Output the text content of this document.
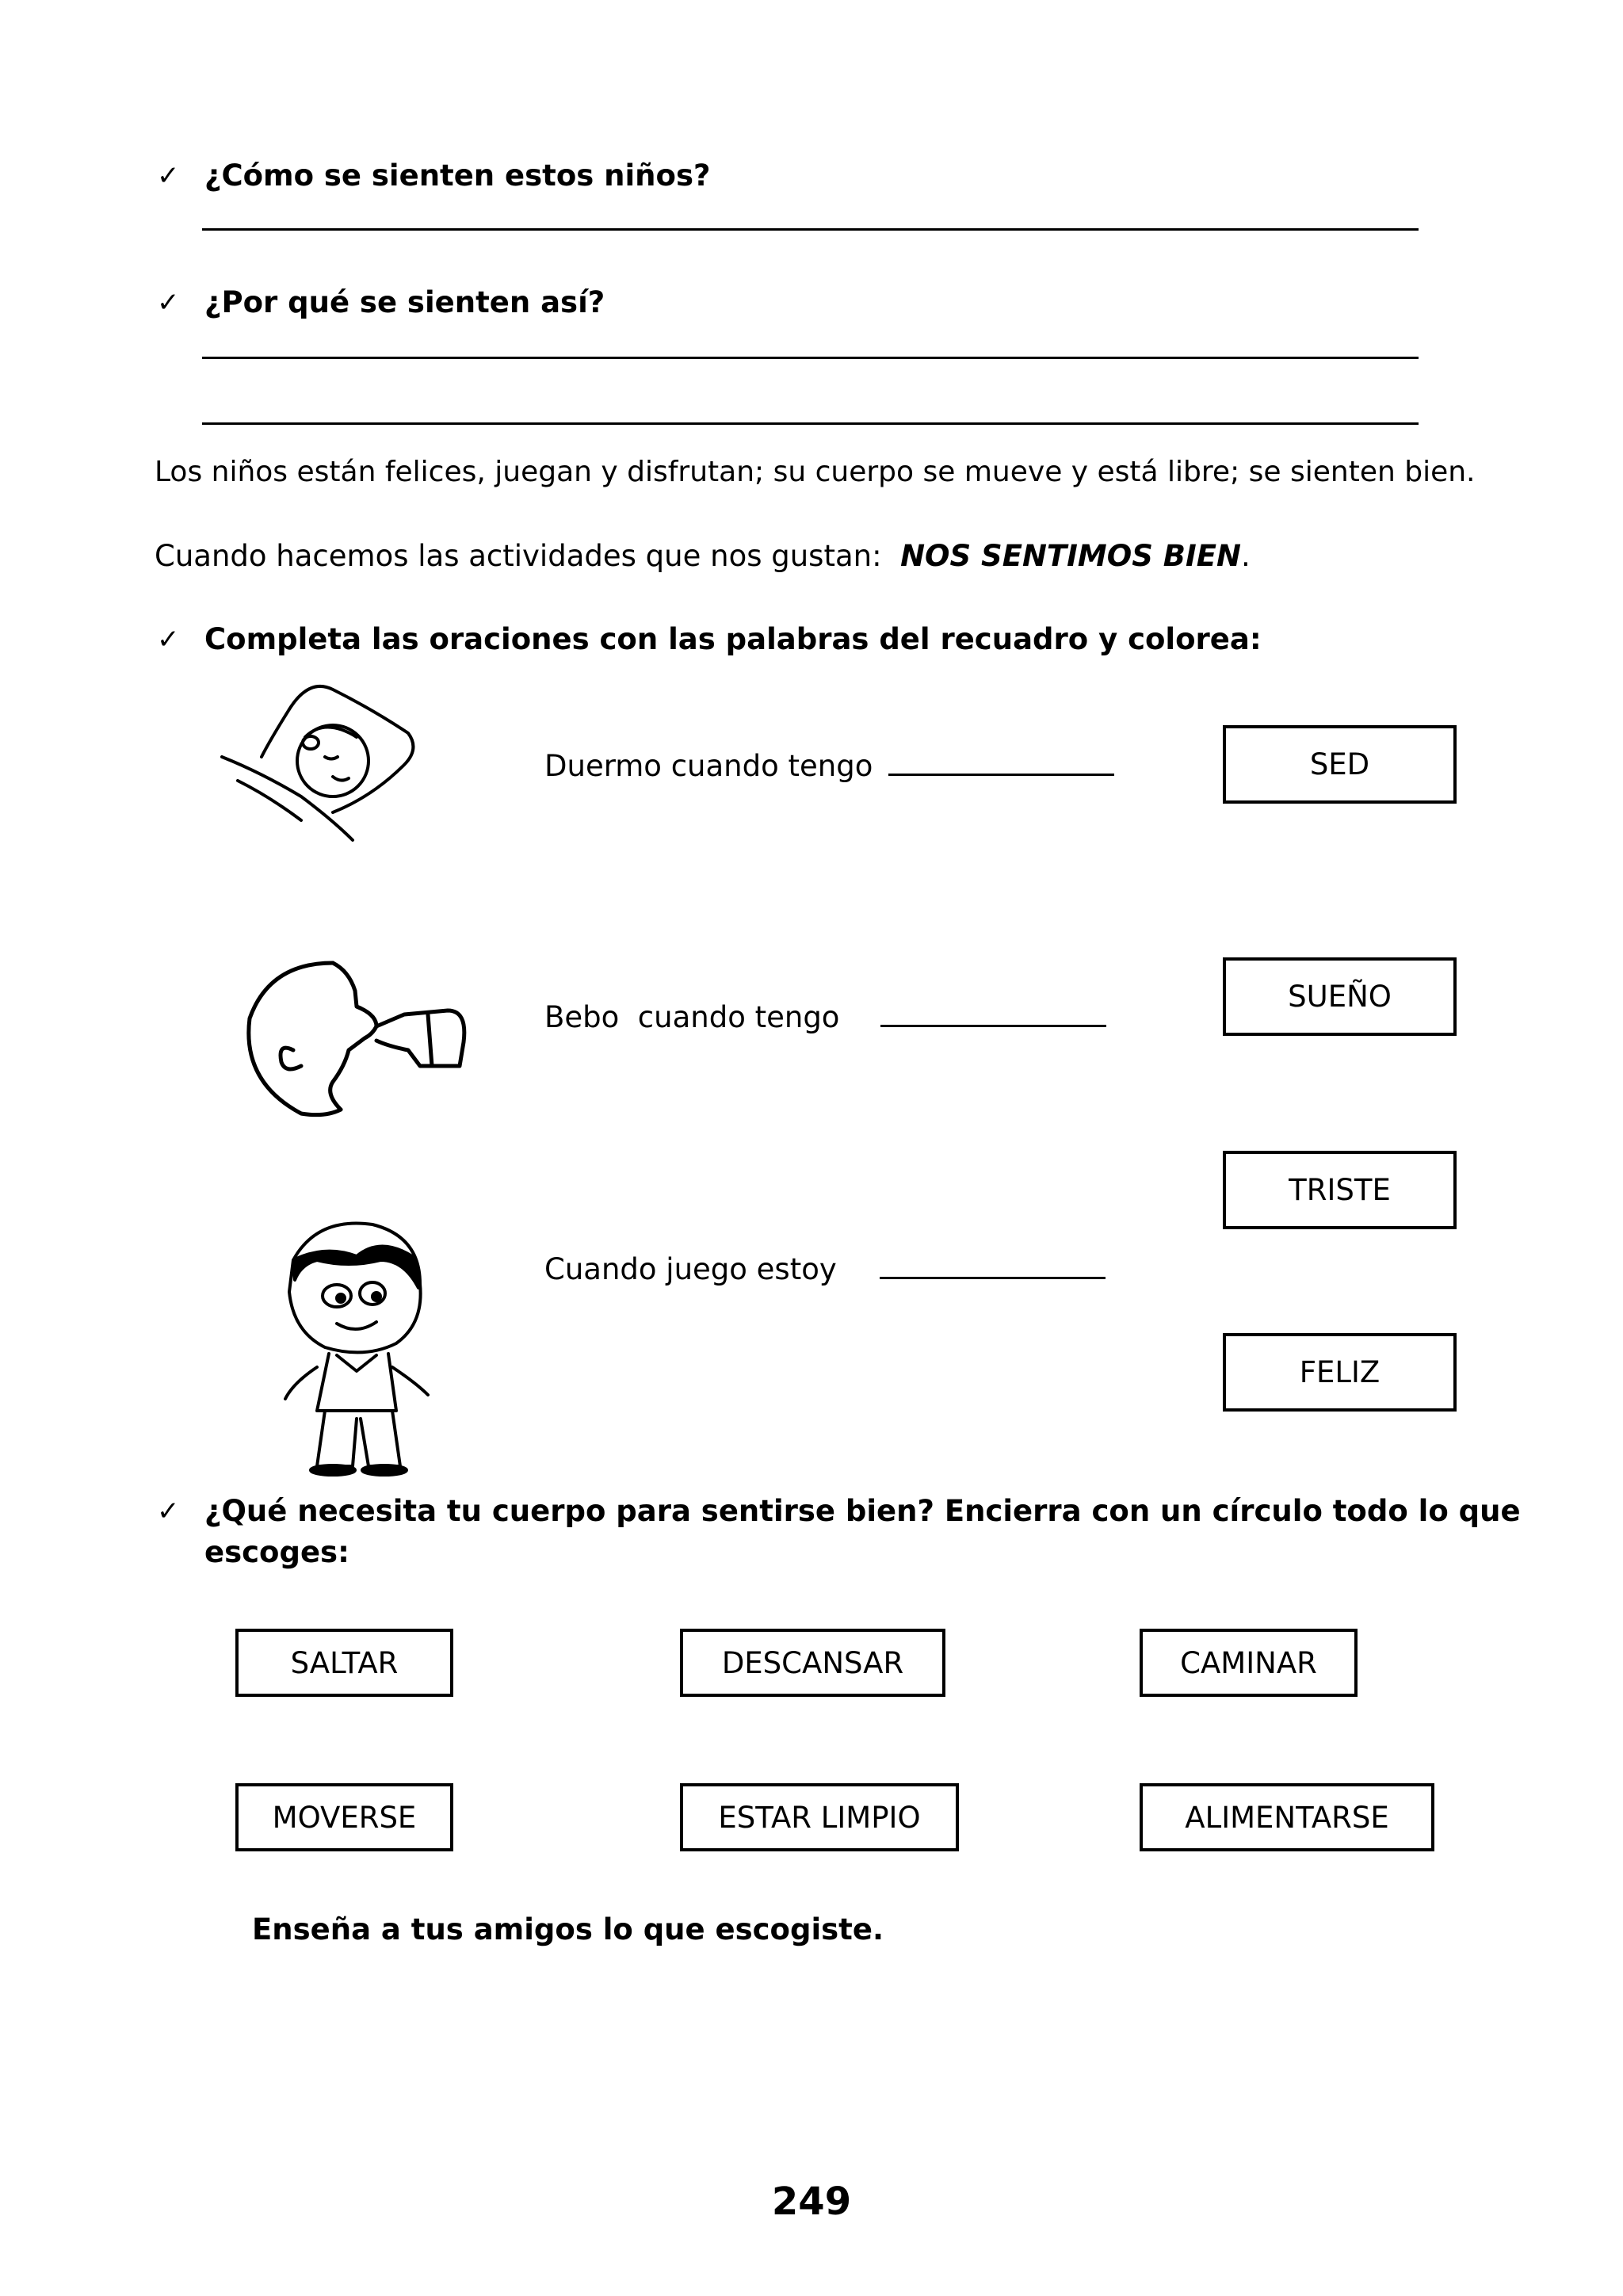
✓ ¿Cómo se sienten estos niños?
✓ ¿Por qué se sienten así?
Los niños están felices, juegan y disfrutan; su cuerpo se mueve y está libre; se sienten bien.
Cuando hacemos las actividades que nos gustan: NOS SENTIMOS BIEN.
✓ Completa las oraciones con las palabras del recuadro y colorea:
Duermo cuando tengo
Bebo  cuando tengo
Cuando juego estoy
SED
SUEÑO
TRISTE
FELIZ
✓ ¿Qué necesita tu cuerpo para sentirse bien? Encierra con un círculo todo lo que
escoges:
SALTAR	DESCANSAR	CAMINAR
MOVERSE	ESTAR LIMPIO	ALIMENTARSE
Enseña a tus amigos lo que escogiste.
249
